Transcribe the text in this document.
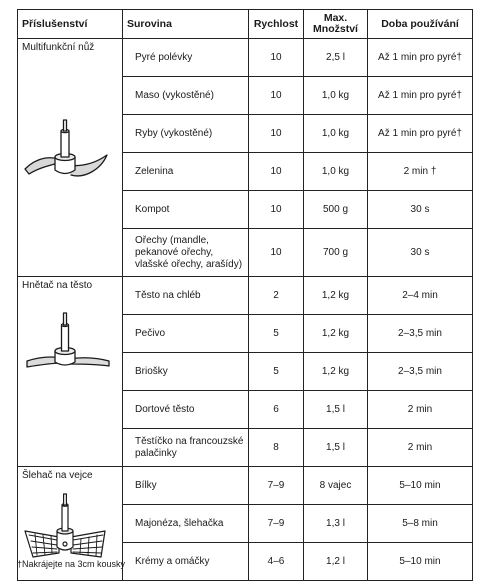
Příslušenství	Surovina	Rychlost	Max. Množství	Doba používání

Multifunkční nůž	Pyré polévky	10	2,5 l	Až 1 min pro pyré†
	Maso (vykostěné)	10	1,0 kg	Až 1 min pro pyré†
	Ryby (vykostěné)	10	1,0 kg	Až 1 min pro pyré†
	Zelenina	10	1,0 kg	2 min †
	Kompot	10	500 g	30 s
	Ořechy (mandle, pekanové ořechy, vlašské ořechy, arašídy)	10	700 g	30 s

Hnětač na těsto	Těsto na chléb	2	1,2 kg	2–4 min
	Pečivo	5	1,2 kg	2–3,5 min
	Briošky	5	1,2 kg	2–3,5 min
	Dortové těsto	6	1,5 l	2 min
	Těstíčko na francouzské palačinky	8	1,5 l	2 min

Šlehač na vejce	Bílky	7–9	8 vajec	5–10 min
	Majonéza, šlehačka	7–9	1,3 l	5–8 min
	Krémy a omáčky	4–6	1,2 l	5–10 min
†Nakrájejte na 3cm kousky
